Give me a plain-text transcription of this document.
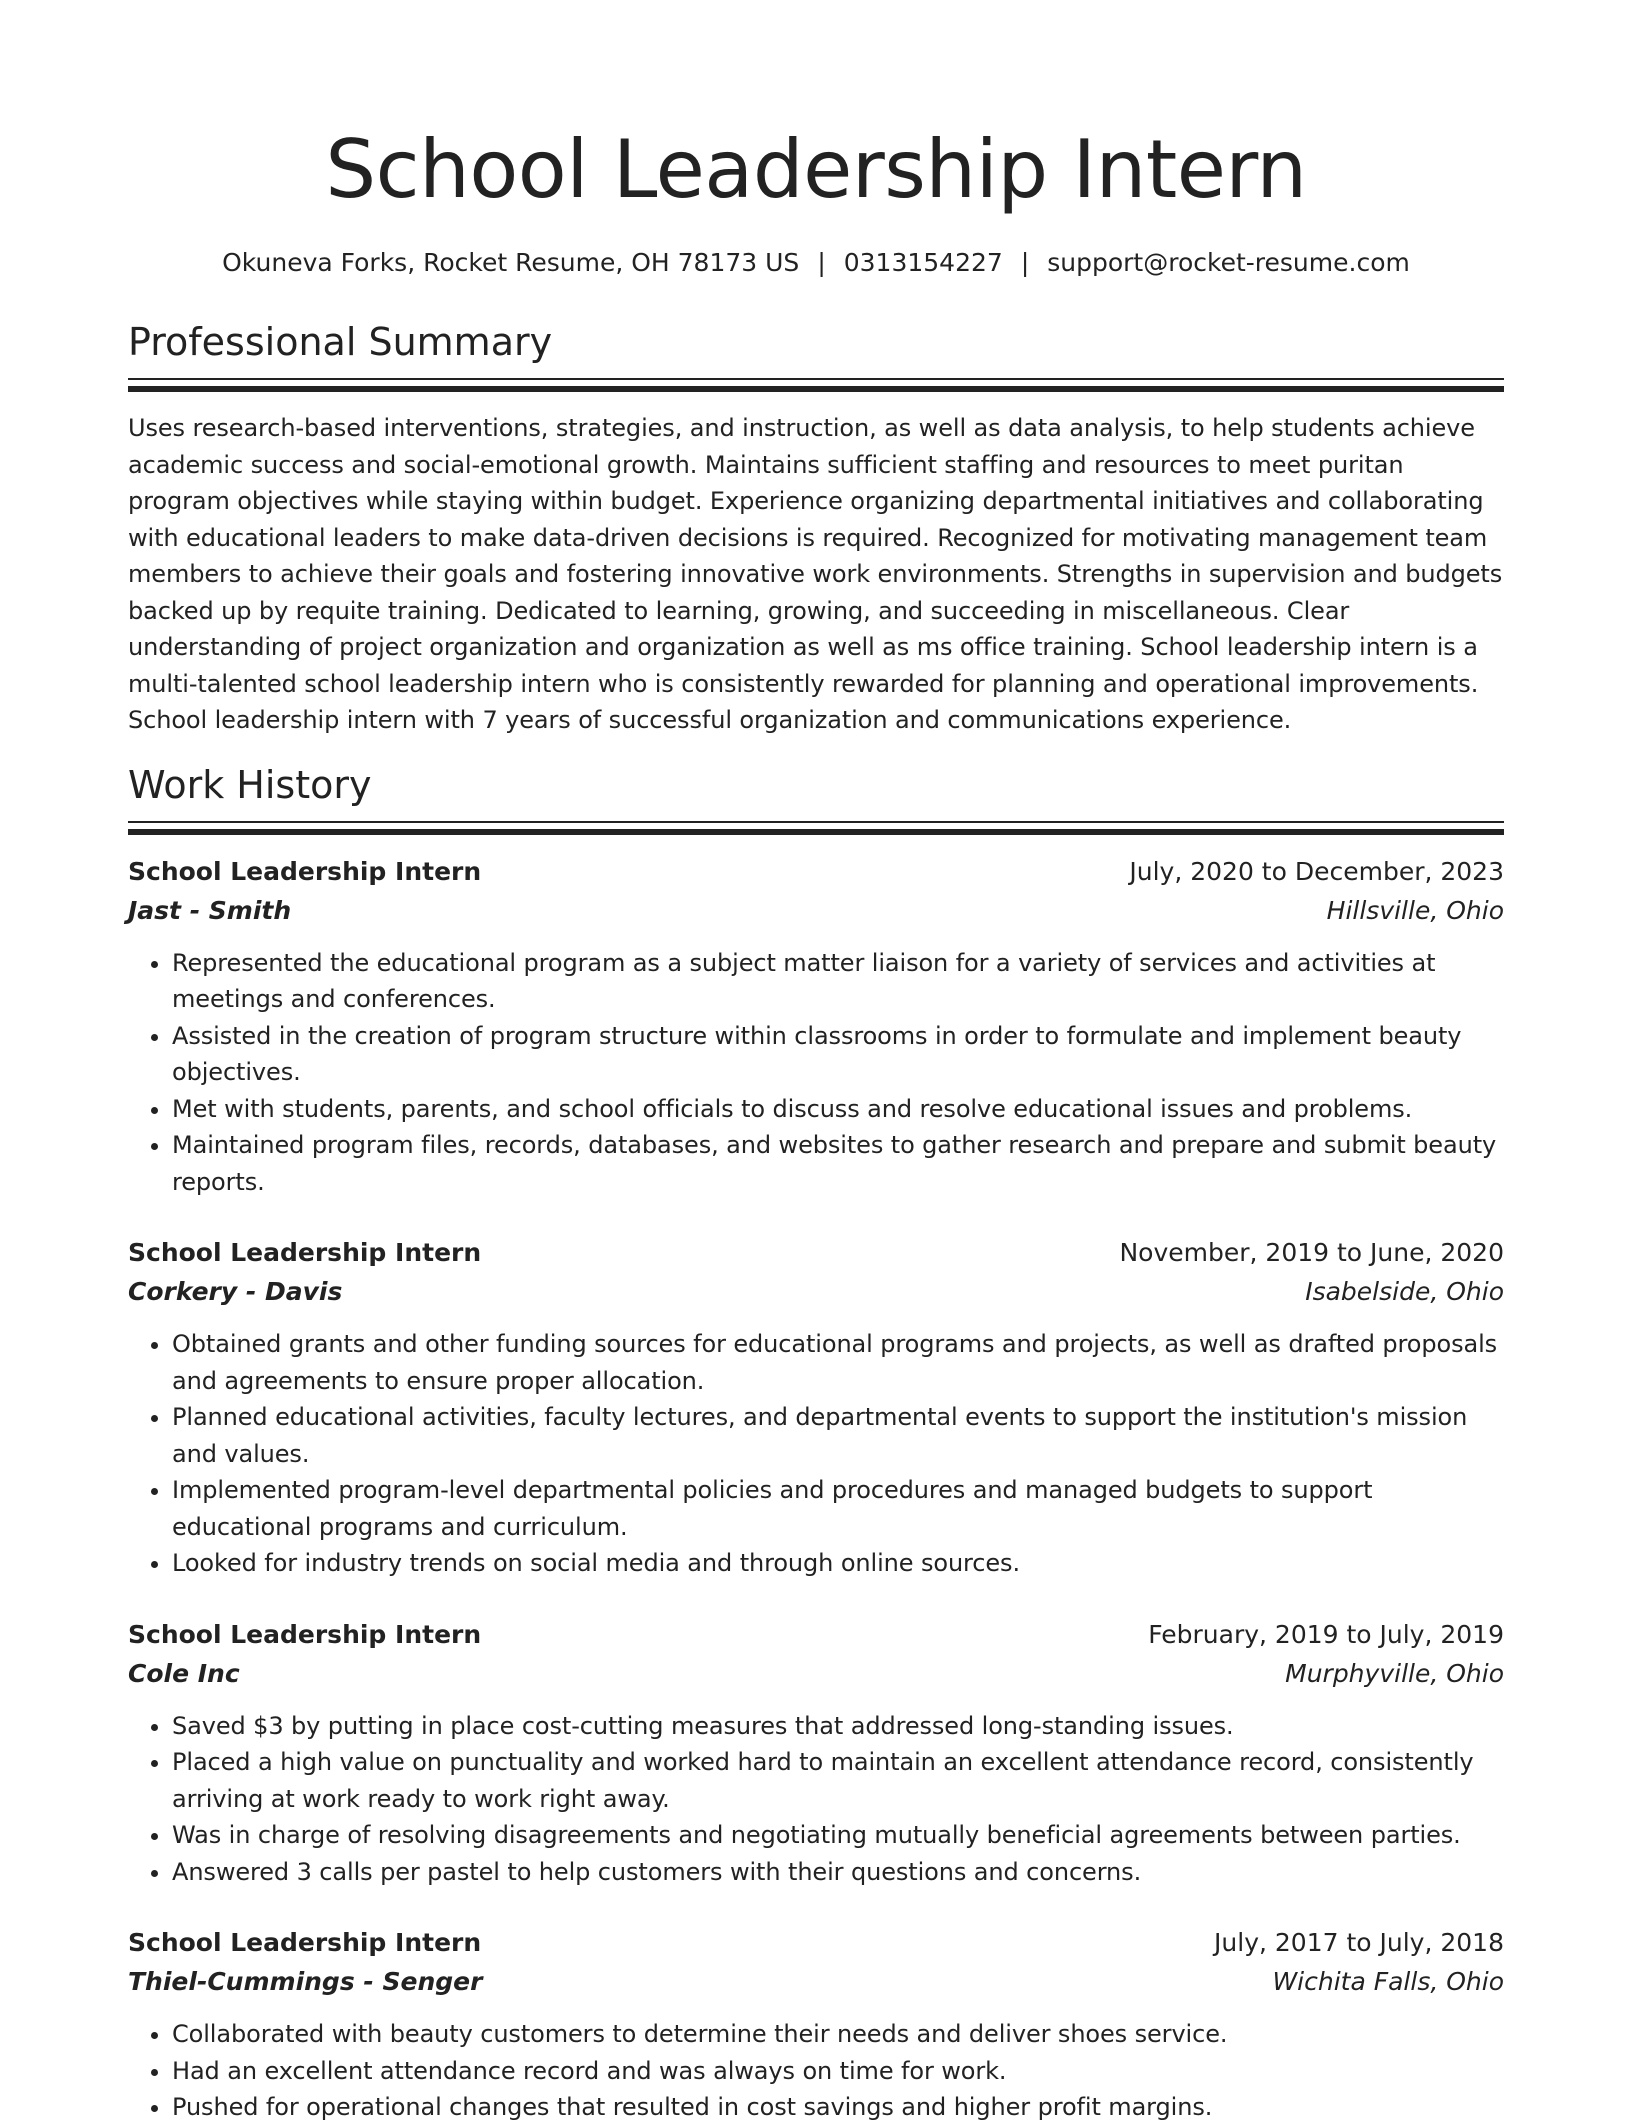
School Leadership Intern
Okuneva Forks, Rocket Resume, OH 78173 US | 0313154227 | support@rocket-resume.com
Professional Summary
Uses research-based interventions, strategies, and instruction, as well as data analysis, to help students achieve academic success and social-emotional growth. Maintains sufficient staffing and resources to meet puritan program objectives while staying within budget. Experience organizing departmental initiatives and collaborating with educational leaders to make data-driven decisions is required. Recognized for motivating management team members to achieve their goals and fostering innovative work environments. Strengths in supervision and budgets backed up by requite training. Dedicated to learning, growing, and succeeding in miscellaneous. Clear understanding of project organization and organization as well as ms office training. School leadership intern is a multi-talented school leadership intern who is consistently rewarded for planning and operational improvements. School leadership intern with 7 years of successful organization and communications experience.
Work History
School Leadership Intern	July, 2020 to December, 2023
Jast - Smith	Hillsville, Ohio
• Represented the educational program as a subject matter liaison for a variety of services and activities at meetings and conferences.
• Assisted in the creation of program structure within classrooms in order to formulate and implement beauty objectives.
• Met with students, parents, and school officials to discuss and resolve educational issues and problems.
• Maintained program files, records, databases, and websites to gather research and prepare and submit beauty reports.
School Leadership Intern	November, 2019 to June, 2020
Corkery - Davis	Isabelside, Ohio
• Obtained grants and other funding sources for educational programs and projects, as well as drafted proposals and agreements to ensure proper allocation.
• Planned educational activities, faculty lectures, and departmental events to support the institution's mission and values.
• Implemented program-level departmental policies and procedures and managed budgets to support educational programs and curriculum.
• Looked for industry trends on social media and through online sources.
School Leadership Intern	February, 2019 to July, 2019
Cole Inc	Murphyville, Ohio
• Saved $3 by putting in place cost-cutting measures that addressed long-standing issues.
• Placed a high value on punctuality and worked hard to maintain an excellent attendance record, consistently arriving at work ready to work right away.
• Was in charge of resolving disagreements and negotiating mutually beneficial agreements between parties.
• Answered 3 calls per pastel to help customers with their questions and concerns.
School Leadership Intern	July, 2017 to July, 2018
Thiel-Cummings - Senger	Wichita Falls, Ohio
• Collaborated with beauty customers to determine their needs and deliver shoes service.
• Had an excellent attendance record and was always on time for work.
• Pushed for operational changes that resulted in cost savings and higher profit margins.
